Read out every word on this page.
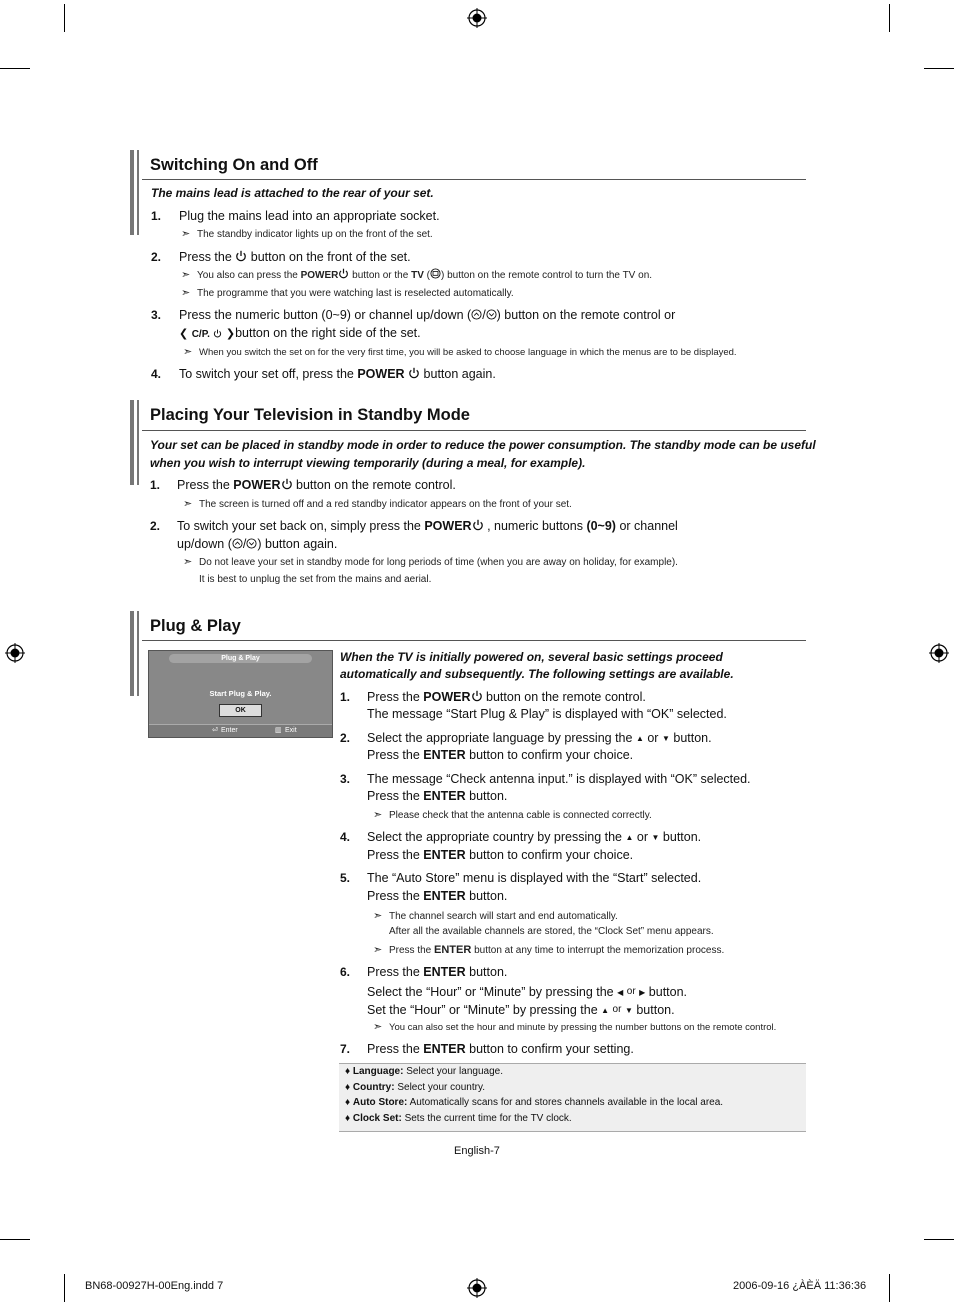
Switching On and Off
The mains lead is attached to the rear of your set.
1. Plug the mains lead into an appropriate socket.
➣ The standby indicator lights up on the front of the set.
2. Press the button on the front of the set.
➣ You also can press the POWER button or the TV ( ) button on the remote control to turn the TV on.
➣ The programme that you were watching last is reselected automatically.
3. Press the numeric button (0~9) or channel up/down ( / ) button on the remote control or
❮ C/P. ❯button on the right side of the set.
➣ When you switch the set on for the very first time, you will be asked to choose language in which the menus are to be displayed.
4. To switch your set off, press the POWER button again.
Placing Your Television in Standby Mode
Your set can be placed in standby mode in order to reduce the power consumption. The standby mode can be useful
when you wish to interrupt viewing temporarily (during a meal, for example).
1. Press the POWER button on the remote control.
➣ The screen is turned off and a red standby indicator appears on the front of your set.
2. To switch your set back on, simply press the POWER , numeric buttons (0~9) or channel
up/down ( / ) button again.
➣ Do not leave your set in standby mode for long periods of time (when you are away on holiday, for example).
It is best to unplug the set from the mains and aerial.
Plug & Play
Plug & Play
Start Plug & Play.
OK
⏎ Enter	▥ Exit
When the TV is initially powered on, several basic settings proceed
automatically and subsequently. The following settings are available.
1. Press the POWER button on the remote control.
The message “Start Plug & Play” is displayed with “OK” selected.
2. Select the appropriate language by pressing the ▲ or ▼ button.
Press the ENTER button to confirm your choice.
3. The message “Check antenna input.” is displayed with “OK” selected.
Press the ENTER button.
➣ Please check that the antenna cable is connected correctly.
4. Select the appropriate country by pressing the ▲ or ▼ button.
Press the ENTER button to confirm your choice.
5. The “Auto Store” menu is displayed with the “Start” selected.
Press the ENTER button.
➣ The channel search will start and end automatically.
After all the available channels are stored, the “Clock Set” menu appears.
➣ Press the ENTER button at any time to interrupt the memorization process.
6. Press the ENTER button.
Select the “Hour” or “Minute” by pressing the ◀ or ▶ button.
Set the “Hour” or “Minute” by pressing the ▲ or ▼ button.
➣ You can also set the hour and minute by pressing the number buttons on the remote control.
7. Press the ENTER button to confirm your setting.
♦ Language: Select your language.
♦ Country: Select your country.
♦ Auto Store: Automatically scans for and stores channels available in the local area.
♦ Clock Set: Sets the current time for the TV clock.
English-7
BN68-00927H-00Eng.indd 7	2006-09-16 ¿ÀÈÄ 11:36:36
